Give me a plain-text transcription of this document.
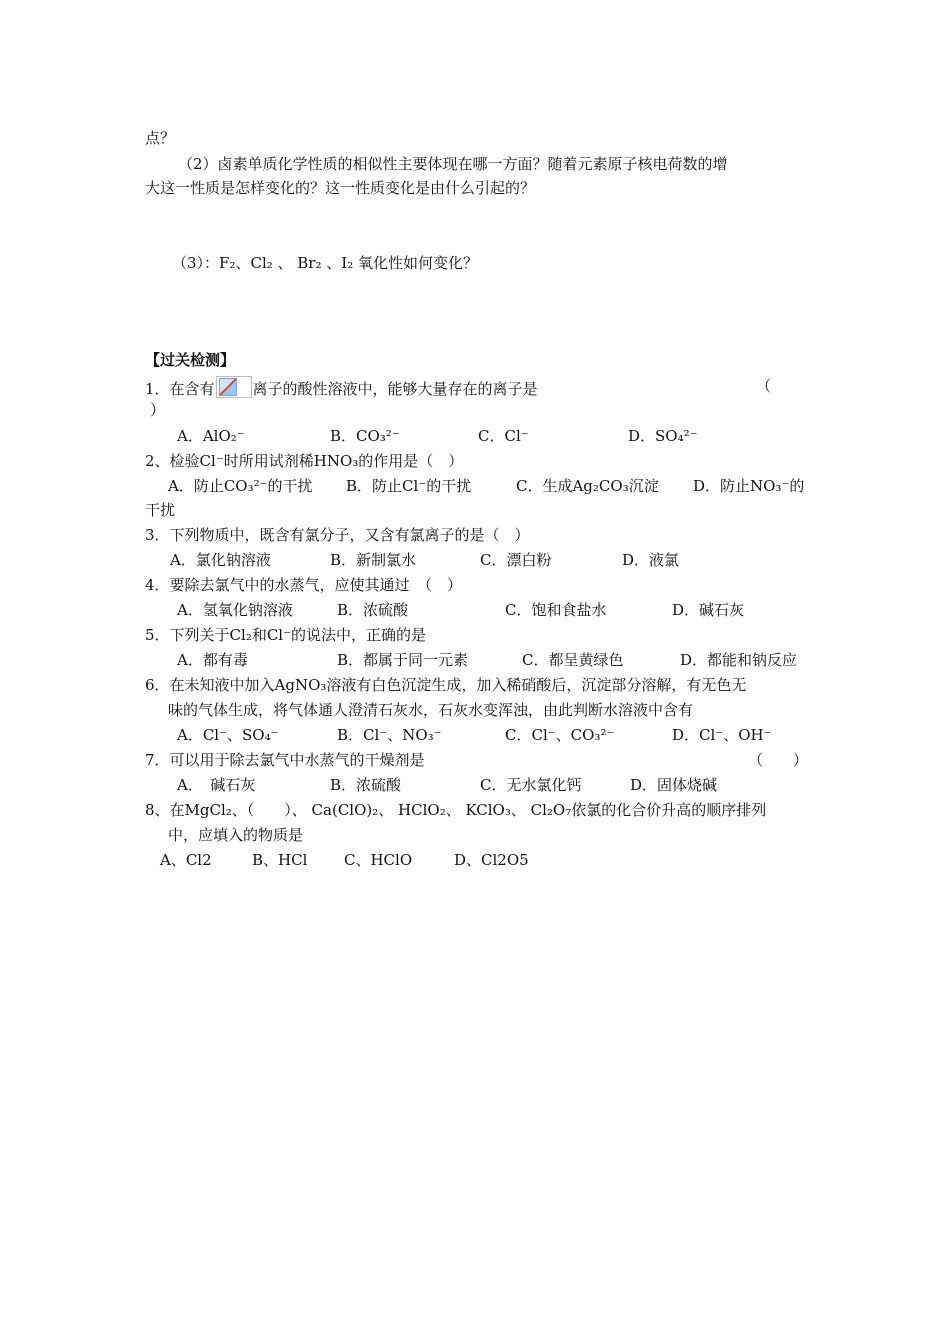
点？
（2）卤素单质化学性质的相似性主要体现在哪一方面？随着元素原子核电荷数的增
大这一性质是怎样变化的？这一性质变化是由什么引起的？
（3）：F₂、Cl₂ 、 Br₂ 、I₂ 氧化性如何变化？
【过关检测】
1．在含有	离子的酸性溶液中，能够大量存在的离子是	（
）
A．AlO₂⁻	B．CO₃²⁻	C．Cl⁻	D．SO₄²⁻
2、检验Cl⁻时所用试剂稀HNO₃的作用是（　）
A．防止CO₃²⁻的干扰 B．防止Cl⁻的干扰	C．生成Ag₂CO₃沉淀 D．防止NO₃⁻的
干扰
3．下列物质中，既含有氯分子，又含有氯离子的是（　）
A．氯化钠溶液	B．新制氯水	C．漂白粉	D．液氯
4．要除去氯气中的水蒸气，应使其通过　（　）
A．氢氧化钠溶液	B．浓硫酸	C．饱和食盐水	D．碱石灰
5．下列关于Cl₂和Cl⁻的说法中，正确的是
A．都有毒	B．都属于同一元素	C．都呈黄绿色	D．都能和钠反应
6．在未知液中加入AgNO₃溶液有白色沉淀生成，加入稀硝酸后，沉淀部分溶解，有无色无
味的气体生成，将气体通人澄清石灰水，石灰水变浑浊，由此判断水溶液中含有
A．Cl⁻、SO₄⁻	B．Cl⁻、NO₃⁻	C．Cl⁻、CO₃²⁻	D．Cl⁻、OH⁻
7．可以用于除去氯气中水蒸气的干燥剂是	（　　）
A．　碱石灰	B．浓硫酸	C．无水氯化钙	D．固体烧碱
8、在MgCl₂、（　　）、 Ca(ClO)₂、 HClO₂、 KClO₃、 Cl₂O₇依氯的化合价升高的顺序排列
中，应填入的物质是
A、Cl2	B、HCl C、HClO	D、Cl2O5
